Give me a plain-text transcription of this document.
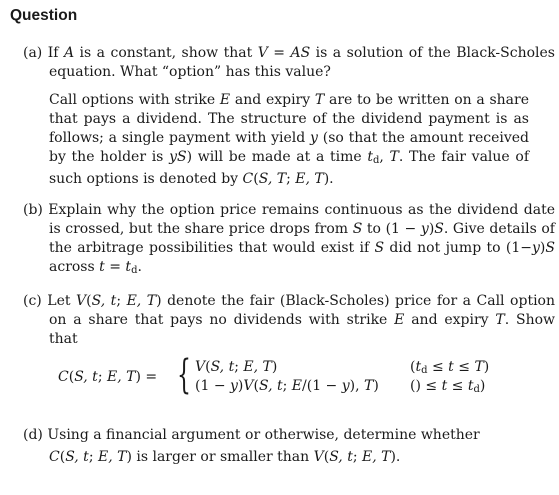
Question
(a) If A is a constant, show that V = AS is a solution of the Black-Scholes equation. What “option” has this value?
Call options with strike E and expiry T are to be written on a share that pays a dividend. The structure of the dividend payment is as follows; a single payment with yield y (so that the amount received by the holder is yS) will be made at a time $t_d$, T. The fair value of such options is denoted by C(S, T; E, T).
(b) Explain why the option price remains continuous as the dividend date is crossed, but the share price drops from S to (1 − y)S. Give details of the arbitrage possibilities that would exist if S did not jump to (1−y)S across $t = t_d$.
(c) Let V(S, t; E, T) denote the fair (Black-Scholes) price for a Call option on a share that pays no dividends with strike E and expiry T. Show that
C(S, t; E, T) = { V(S, t; E, T)
(1 − y)V(S, t; E/(1 − y), T)
$(t_d \le t \le T)$
() ≤ $t \le t_d$)
(d) Using a financial argument or otherwise, determine whether
C(S, t; E, T) is larger or smaller than V(S, t; E, T).
